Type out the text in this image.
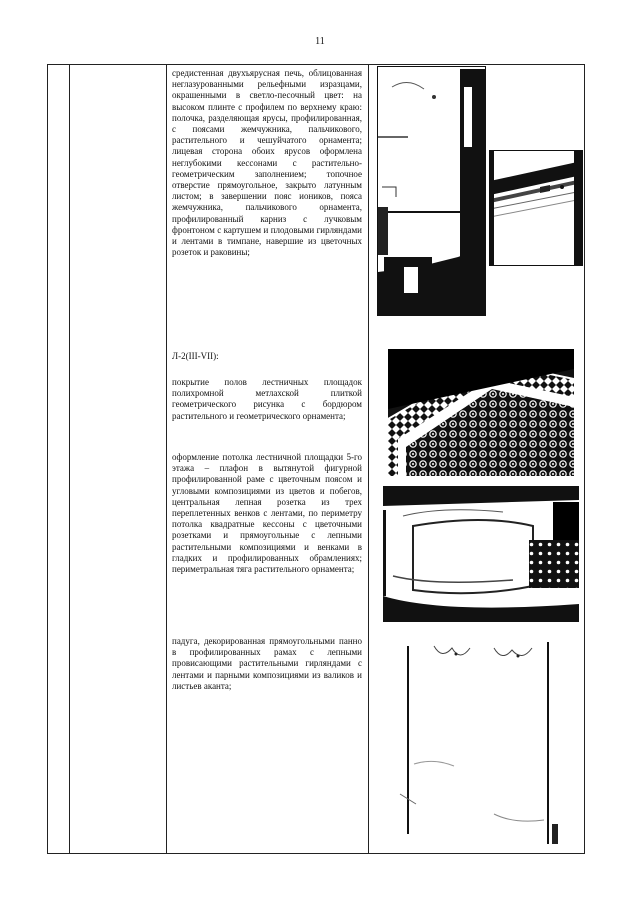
11

средистенная двухъярусная печь, облицованная неглазурованными рельефными изразцами, окрашенными в светло-песочный цвет: на высоком плинте с профилем по верхнему краю: полочка, разделяющая ярусы, профилированная, с поясами жемчужника, пальчикового, растительного и чешуйчатого орнамента; лицевая сторона обоих ярусов оформлена неглубокими кессонами с растительно-геометрическим заполнением; топочное отверстие прямоугольное, закрыто латунным листом; в завершении пояс иоников, пояса жемчужника, пальчикового орнамента, профилированный карниз с лучковым фронтоном с картушем и плодовыми гирляндами и лентами в тимпане, навершие из цветочных розеток и раковины;

Л-2(III-VII):

покрытие полов лестничных площадок полихромной метлахской плиткой геометрического рисунка с бордюром растительного и геометрического орнамента;

оформление потолка лестничной площадки 5-го этажа – плафон в вытянутой фигурной профилированной раме с цветочным поясом и угловыми композициями из цветов и побегов, центральная лепная розетка из трех переплетенных венков с лентами, по периметру потолка квадратные кессоны с цветочными розетками и прямоугольные с лепными растительными композициями и венками в гладких и профилированных обрамлениях; периметральная тяга растительного орнамента;

падуга, декорированная прямоугольными панно в профилированных рамах с лепными провисающими растительными гирляндами с лентами и парными композициями из валиков и листьев аканта;
